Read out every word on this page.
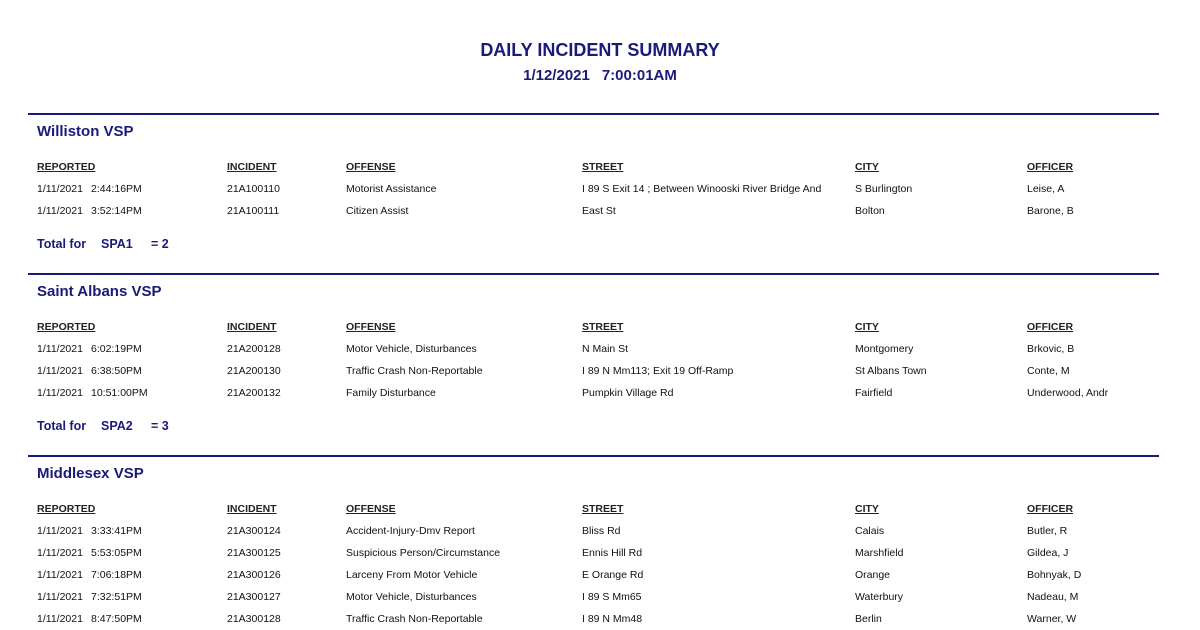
DAILY INCIDENT SUMMARY
1/12/2021 7:00:01AM
Williston VSP
REPORTED	INCIDENT	OFFENSE	STREET	CITY	OFFICER
1/11/2021 2:44:16PM	21A100110	Motorist Assistance	I 89 S Exit 14 ; Between Winooski River Bridge And	S Burlington	Leise, A
1/11/2021 3:52:14PM	21A100111	Citizen Assist	East St	Bolton	Barone, B
Total for SPA1 = 2
Saint Albans VSP
REPORTED	INCIDENT	OFFENSE	STREET	CITY	OFFICER
1/11/2021 6:02:19PM	21A200128	Motor Vehicle, Disturbances	N Main St	Montgomery	Brkovic, B
1/11/2021 6:38:50PM	21A200130	Traffic Crash Non-Reportable	I 89 N Mm113; Exit 19 Off-Ramp	St Albans Town	Conte, M
1/11/2021 10:51:00PM	21A200132	Family Disturbance	Pumpkin Village Rd	Fairfield	Underwood, Andr
Total for SPA2 = 3
Middlesex VSP
REPORTED	INCIDENT	OFFENSE	STREET	CITY	OFFICER
1/11/2021 3:33:41PM	21A300124	Accident-Injury-Dmv Report	Bliss Rd	Calais	Butler, R
1/11/2021 5:53:05PM	21A300125	Suspicious Person/Circumstance	Ennis Hill Rd	Marshfield	Gildea, J
1/11/2021 7:06:18PM	21A300126	Larceny From Motor Vehicle	E Orange Rd	Orange	Bohnyak, D
1/11/2021 7:32:51PM	21A300127	Motor Vehicle, Disturbances	I 89 S Mm65	Waterbury	Nadeau, M
1/11/2021 8:47:50PM	21A300128	Traffic Crash Non-Reportable	I 89 N Mm48	Berlin	Warner, W
